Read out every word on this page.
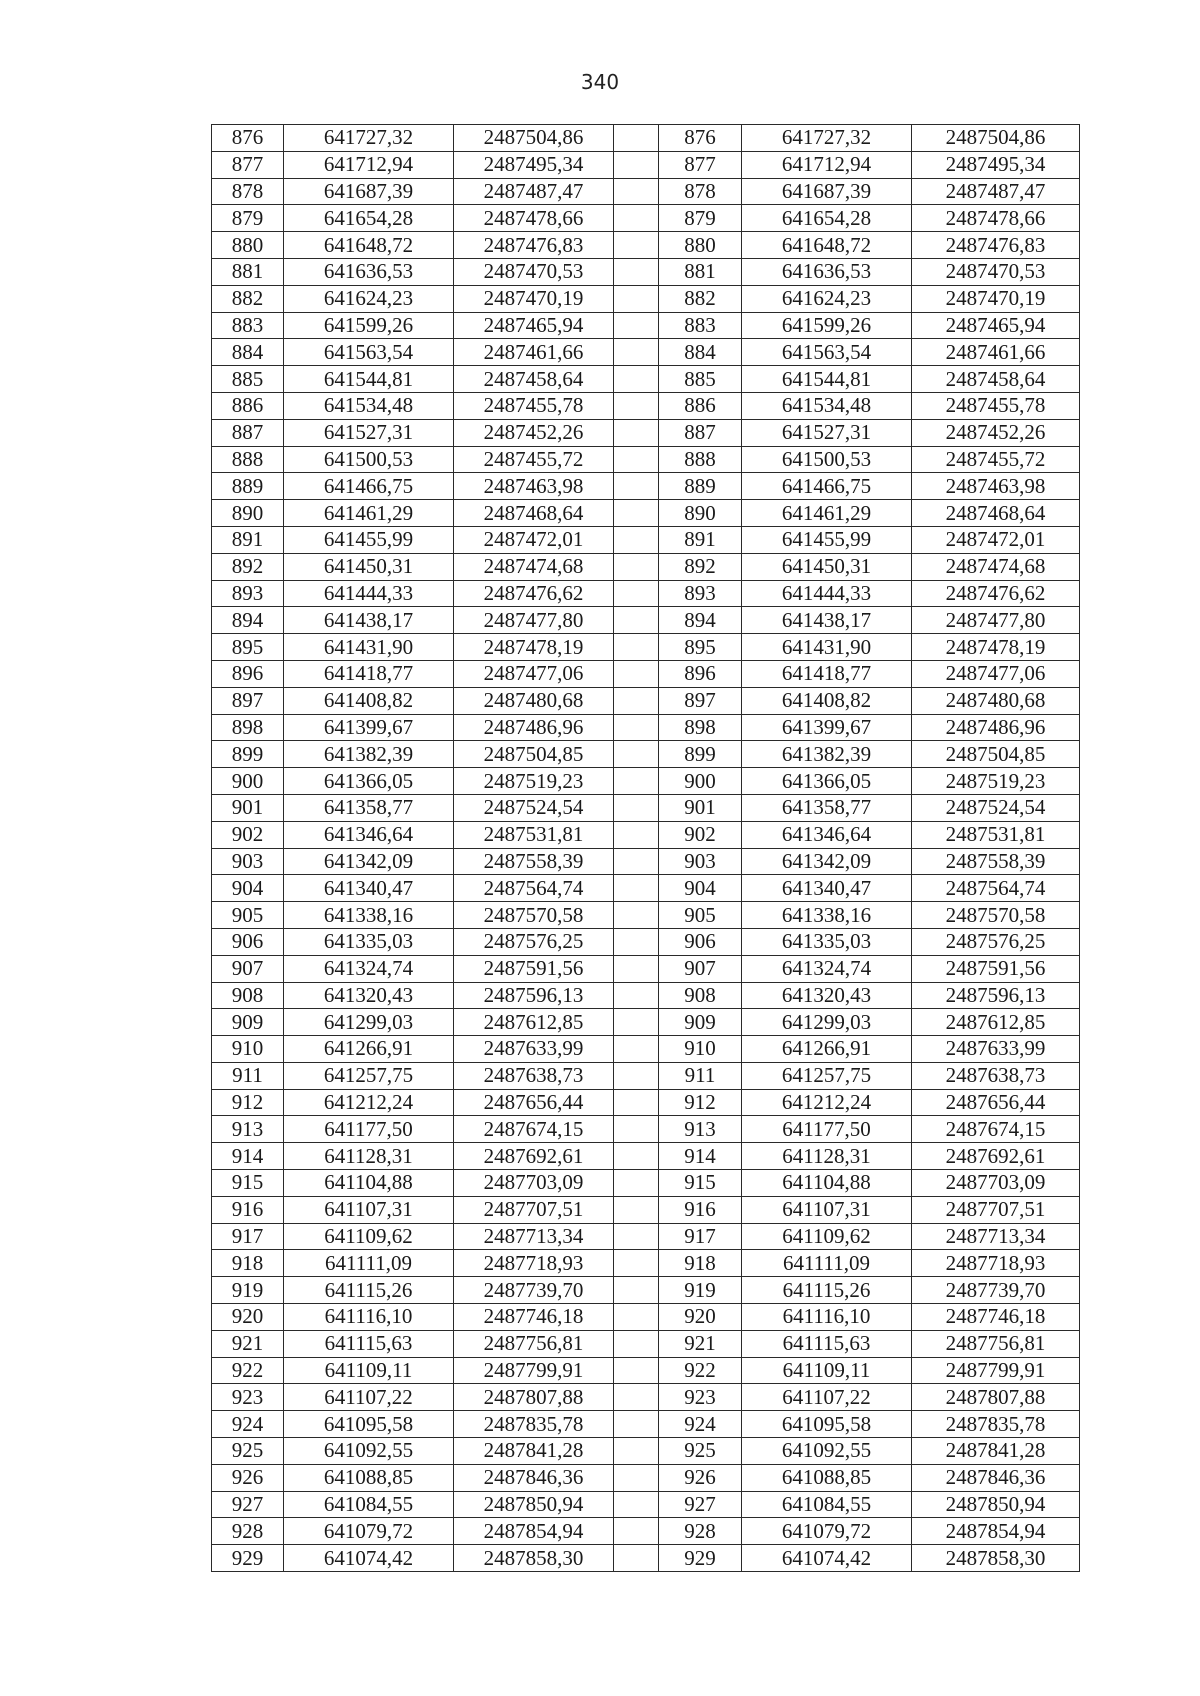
340
876	641727,32	2487504,86		876	641727,32	2487504,86
877	641712,94	2487495,34		877	641712,94	2487495,34
878	641687,39	2487487,47		878	641687,39	2487487,47
879	641654,28	2487478,66		879	641654,28	2487478,66
880	641648,72	2487476,83		880	641648,72	2487476,83
881	641636,53	2487470,53		881	641636,53	2487470,53
882	641624,23	2487470,19		882	641624,23	2487470,19
883	641599,26	2487465,94		883	641599,26	2487465,94
884	641563,54	2487461,66		884	641563,54	2487461,66
885	641544,81	2487458,64		885	641544,81	2487458,64
886	641534,48	2487455,78		886	641534,48	2487455,78
887	641527,31	2487452,26		887	641527,31	2487452,26
888	641500,53	2487455,72		888	641500,53	2487455,72
889	641466,75	2487463,98		889	641466,75	2487463,98
890	641461,29	2487468,64		890	641461,29	2487468,64
891	641455,99	2487472,01		891	641455,99	2487472,01
892	641450,31	2487474,68		892	641450,31	2487474,68
893	641444,33	2487476,62		893	641444,33	2487476,62
894	641438,17	2487477,80		894	641438,17	2487477,80
895	641431,90	2487478,19		895	641431,90	2487478,19
896	641418,77	2487477,06		896	641418,77	2487477,06
897	641408,82	2487480,68		897	641408,82	2487480,68
898	641399,67	2487486,96		898	641399,67	2487486,96
899	641382,39	2487504,85		899	641382,39	2487504,85
900	641366,05	2487519,23		900	641366,05	2487519,23
901	641358,77	2487524,54		901	641358,77	2487524,54
902	641346,64	2487531,81		902	641346,64	2487531,81
903	641342,09	2487558,39		903	641342,09	2487558,39
904	641340,47	2487564,74		904	641340,47	2487564,74
905	641338,16	2487570,58		905	641338,16	2487570,58
906	641335,03	2487576,25		906	641335,03	2487576,25
907	641324,74	2487591,56		907	641324,74	2487591,56
908	641320,43	2487596,13		908	641320,43	2487596,13
909	641299,03	2487612,85		909	641299,03	2487612,85
910	641266,91	2487633,99		910	641266,91	2487633,99
911	641257,75	2487638,73		911	641257,75	2487638,73
912	641212,24	2487656,44		912	641212,24	2487656,44
913	641177,50	2487674,15		913	641177,50	2487674,15
914	641128,31	2487692,61		914	641128,31	2487692,61
915	641104,88	2487703,09		915	641104,88	2487703,09
916	641107,31	2487707,51		916	641107,31	2487707,51
917	641109,62	2487713,34		917	641109,62	2487713,34
918	641111,09	2487718,93		918	641111,09	2487718,93
919	641115,26	2487739,70		919	641115,26	2487739,70
920	641116,10	2487746,18		920	641116,10	2487746,18
921	641115,63	2487756,81		921	641115,63	2487756,81
922	641109,11	2487799,91		922	641109,11	2487799,91
923	641107,22	2487807,88		923	641107,22	2487807,88
924	641095,58	2487835,78		924	641095,58	2487835,78
925	641092,55	2487841,28		925	641092,55	2487841,28
926	641088,85	2487846,36		926	641088,85	2487846,36
927	641084,55	2487850,94		927	641084,55	2487850,94
928	641079,72	2487854,94		928	641079,72	2487854,94
929	641074,42	2487858,30		929	641074,42	2487858,30
